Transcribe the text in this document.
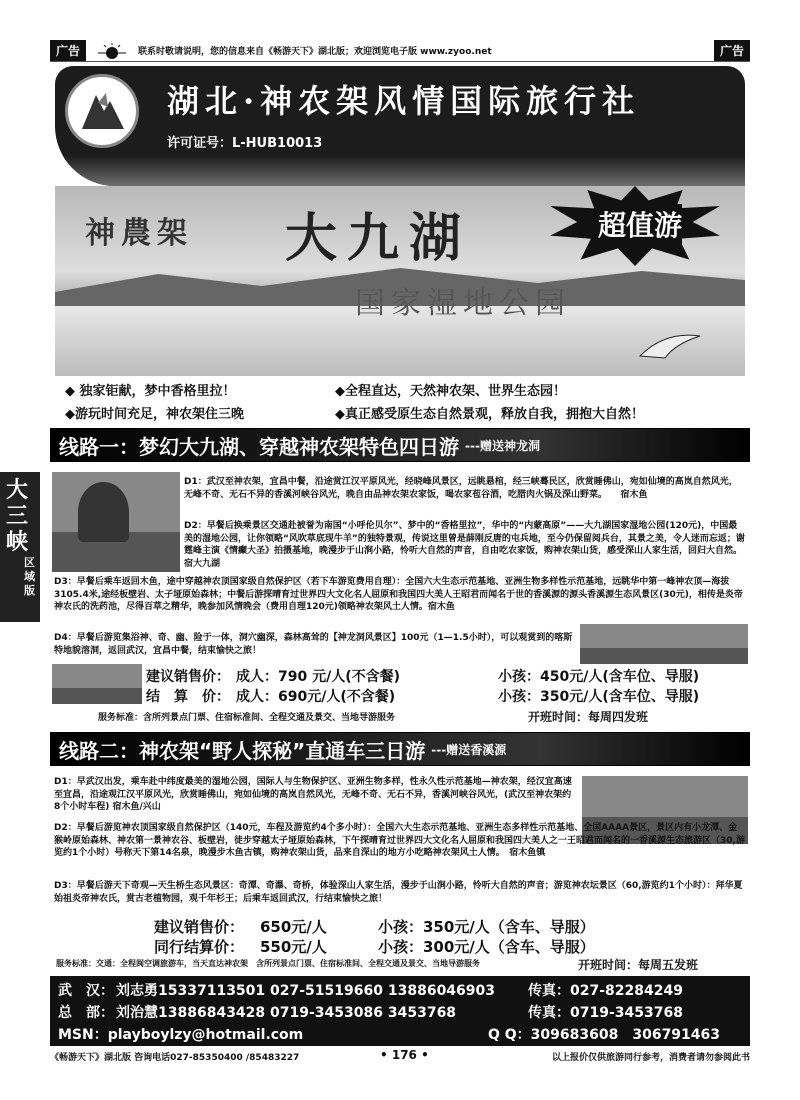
广告	联系时敬请说明，您的信息来自《畅游天下》湖北版；欢迎浏览电子版 www.zyoo.net	广告
湖北·神农架风情国际旅行社
许可证号：L-HUB10013
神農架 大九湖
国家湿地公园
超值游
◆ 独家钜献，梦中香格里拉！	◆全程直达，天然神农架、世界生态园！
◆游玩时间充足，神农架住三晚	◆真正感受原生态自然景观，释放自我，拥抱大自然！
大三峡
区域版
线路一：梦幻大九湖、穿越神农架特色四日游 ---赠送神龙洞
D1：武汉至神农架，宜昌中餐，沿途赏江汉平原风光，经晓峰风景区，远眺悬棺，经三峡蓦民区，欣赏睡佛山，宛如仙境的高岚自然风光，无峰不奇、无石不异的香溪河峡谷风光，晚自由品神农架农家饭，喝农家苞谷酒，吃腊肉火锅及深山野菜。　　宿木鱼
D2：早餐后换乘景区交通赴被誉为南国“小呼伦贝尔”、梦中的“香格里拉”，华中的“内蒙高原”——大九湖国家湿地公园(120元)，中国最美的湿地公园，让你领略“风吹草底现牛羊”的独特景观，传说这里曾是薛刚反唐的屯兵地，至今仍保留阅兵台，其景之美，令人迷而忘返；谢霆峰主演《情癫大圣》拍摄基地，晚漫步于山涧小路，怜听大自然的声音，自由吃农家饭，购神农架山货，感受深山人家生活，回归大自然。　　宿大九湖
D3：早餐后乘车返回木鱼，途中穿越神农顶国家级自然保护区（若下车游览费用自理）：全国六大生态示范基地、亚洲生物多样性示范基地，远眺华中第一峰神农顶—海拔3105.4米,途经板壁岩、太子垭原始森林；中餐后游探晴育过世界四大文化名人屈原和我国四大美人王昭君而闻名于世的香溪源的源头香溪源生态风景区(30元)，相传是炎帝神农氏的洗药池，尽得百草之精华，晚参加风情晚会（费用自理120元)领略神农架风土人情。宿木鱼
D4：早餐后游览集浴神、奇、幽、险于一体，洞穴幽深，森林高耸的【神龙洞风景区】100元（1—1.5小时），可以观赏到的喀斯特地貌溶洞，返回武汉，宜昌中餐，结束愉快之旅！
建议销售价： 成人：790 元/人(不含餐)	小孩：450元/人(含车位、导服)
结　算　价： 成人：690元/人(不含餐)	小孩：350元/人(含车位、导服)
服务标准：含所列景点门票、住宿标准间、全程交通及景交、当地导游服务	开班时间：每周四发班
线路二：神农架“野人探秘”直通车三日游 ---赠送香溪源
D1：早武汉出发，乘车赴中纬度最美的湿地公园，国际人与生物保护区、亚洲生物多样，性永久性示范基地—神农架，经汉宜高速至宜昌，沿途观江汉平原风光，欣赏睡佛山，宛如仙境的高岚自然风光，无峰不奇、无石不异，香溪河峡谷风光，(武汉至神农架约8个小时车程) 宿木鱼/兴山
D2：早餐后游览神农顶国家级自然保护区（140元，车程及游览约4个多小时）：全国六大生态示范基地、亚洲生态多样性示范基地、全国AAAA景区，景区内有小龙潭、金猴岭原始森林、神农第一景神农谷、板壁岩，徒步穿越太子垭原始森林，下午探晴育过世界四大文化名人屈原和我国四大美人之一王昭君而闻名的一香溪源生态旅游区（30,游览约1个小时）号称天下第14名泉，晚漫步木鱼古镇，购神农架山货，品来自深山的地方小吃略神农架风土人情。　宿木鱼镇
D3：早餐后游天下奇观—天生桥生态风景区：奇潭、奇瀑、奇桥，体验深山人家生活，漫步于山涧小路，怜听大自然的声音；游览神农坛景区（60,游览约1个小时）：拜华夏始祖炎帝神农氏，赏古老植物园，观千年杉王；后乘车返回武汉，行结束愉快之旅！
建议销售价： 650元/人	小孩：350元/人（含车、导服）
同行结算价： 550元/人	小孩：300元/人（含车、导服）
服务标准：交通：全程闽空调旅游车，当天直达神农架　含所列景点门票、住宿标准间、全程交通及景交、当地导游服务	开班时间：每周五发班
武　汉： 刘志勇15337113501 027-51519660 13886046903 传真：027-82284249
总　部： 刘治慧13886843428 0719-3453086 3453768	传真：0719-3453768
MSN：playboylzy@hotmail.com	Q Q：309683608　306791463
《畅游天下》湖北版 咨询电话027-85350400 /85483227	• 176 •	以上报价仅供旅游同行参考，消费者请勿参阅此书
